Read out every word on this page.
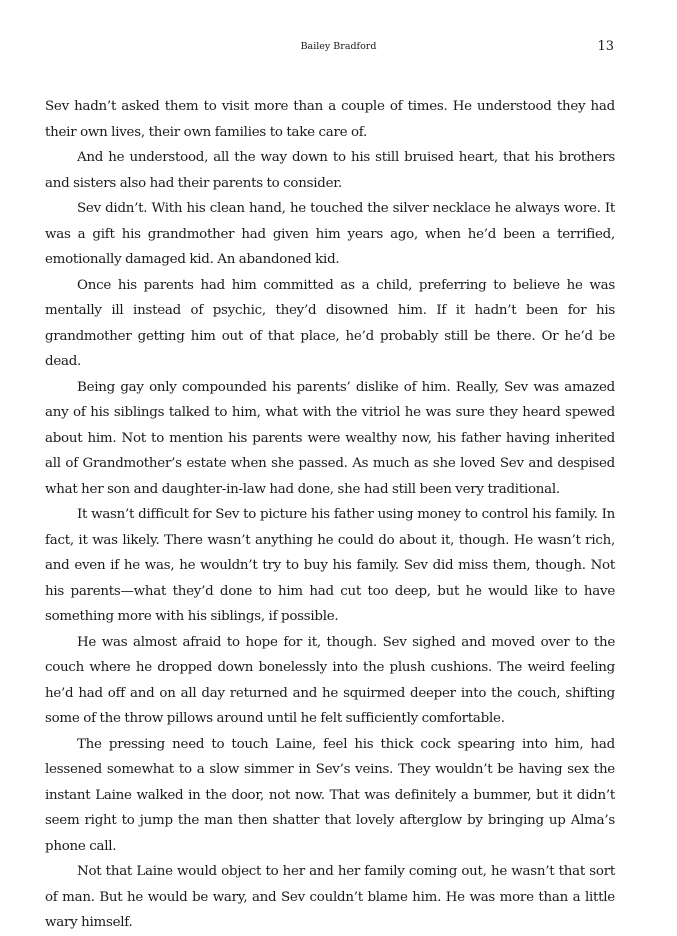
Bailey Bradford	13

Sev hadn’t asked them to visit more than a couple of times. He understood they had their own lives, their own families to take care of.

And he understood, all the way down to his still bruised heart, that his brothers and sisters also had their parents to consider.

Sev didn’t. With his clean hand, he touched the silver necklace he always wore. It was a gift his grandmother had given him years ago, when he’d been a terrified, emotionally damaged kid. An abandoned kid.

Once his parents had him committed as a child, preferring to believe he was mentally ill instead of psychic, they’d disowned him. If it hadn’t been for his grandmother getting him out of that place, he’d probably still be there. Or he’d be dead.

Being gay only compounded his parents’ dislike of him. Really, Sev was amazed any of his siblings talked to him, what with the vitriol he was sure they heard spewed about him. Not to mention his parents were wealthy now, his father having inherited all of Grandmother’s estate when she passed. As much as she loved Sev and despised what her son and daughter-in-law had done, she had still been very traditional.

It wasn’t difficult for Sev to picture his father using money to control his family. In fact, it was likely. There wasn’t anything he could do about it, though. He wasn’t rich, and even if he was, he wouldn’t try to buy his family. Sev did miss them, though. Not his parents—what they’d done to him had cut too deep, but he would like to have something more with his siblings, if possible.

He was almost afraid to hope for it, though. Sev sighed and moved over to the couch where he dropped down bonelessly into the plush cushions. The weird feeling he’d had off and on all day returned and he squirmed deeper into the couch, shifting some of the throw pillows around until he felt sufficiently comfortable.

The pressing need to touch Laine, feel his thick cock spearing into him, had lessened somewhat to a slow simmer in Sev’s veins. They wouldn’t be having sex the instant Laine walked in the door, not now. That was definitely a bummer, but it didn’t seem right to jump the man then shatter that lovely afterglow by bringing up Alma’s phone call.

Not that Laine would object to her and her family coming out, he wasn’t that sort of man. But he would be wary, and Sev couldn’t blame him. He was more than a little wary himself.
